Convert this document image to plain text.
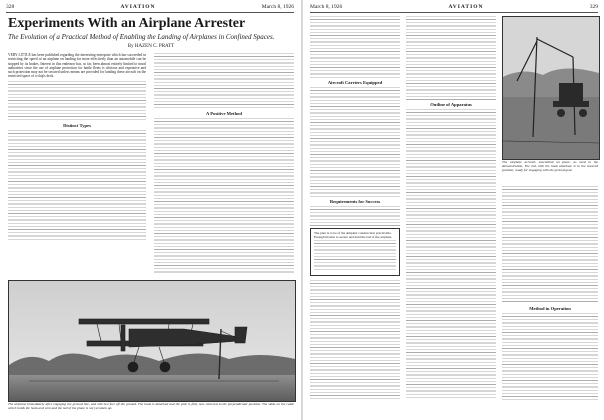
328	AVIATION	March 8, 1926
Experiments With an Airplane Arrester
The Evolution of a Practical Method of Enabling the Landing of Airplanes in Confined Spaces.
By HAZEN C. PRATT

VERY LITTLE has been published regarding the interesting enterprise which has succeeded in restricting the speed of an airplane on landing far more effectively than an automobile can be stopped by its brakes. Interest in this endeavor has, so far, been almost entirely limited to naval authorities since the use of airplane protection for battle fleets is obvious and expensive and such protection may not be secured unless means are provided for landing these aircraft on the restricted space of a ship's deck.

Distinct Types
A Positive Method
The airplane immediately after engaging the ground line, and still two feet off the ground. The hook is detached and the pole is fully now returned to the perpendicular position. The skids on the cable which holds the hook and wire and the tail of the plane is not yet taken up.
March 8, 1926	AVIATION	329
Aircraft Carriers Equipped
Requirements for Success

The plan is to be of the simplest construction practicable. Enough motion to secure and hold the tail of the airplane.

Outline of Apparatus
The airplane arrester, assembled on place, as used in the demonstration. The rod, with the hook attached, is in the lowered position, ready for engaging with the ground gear.
Method in Operation
